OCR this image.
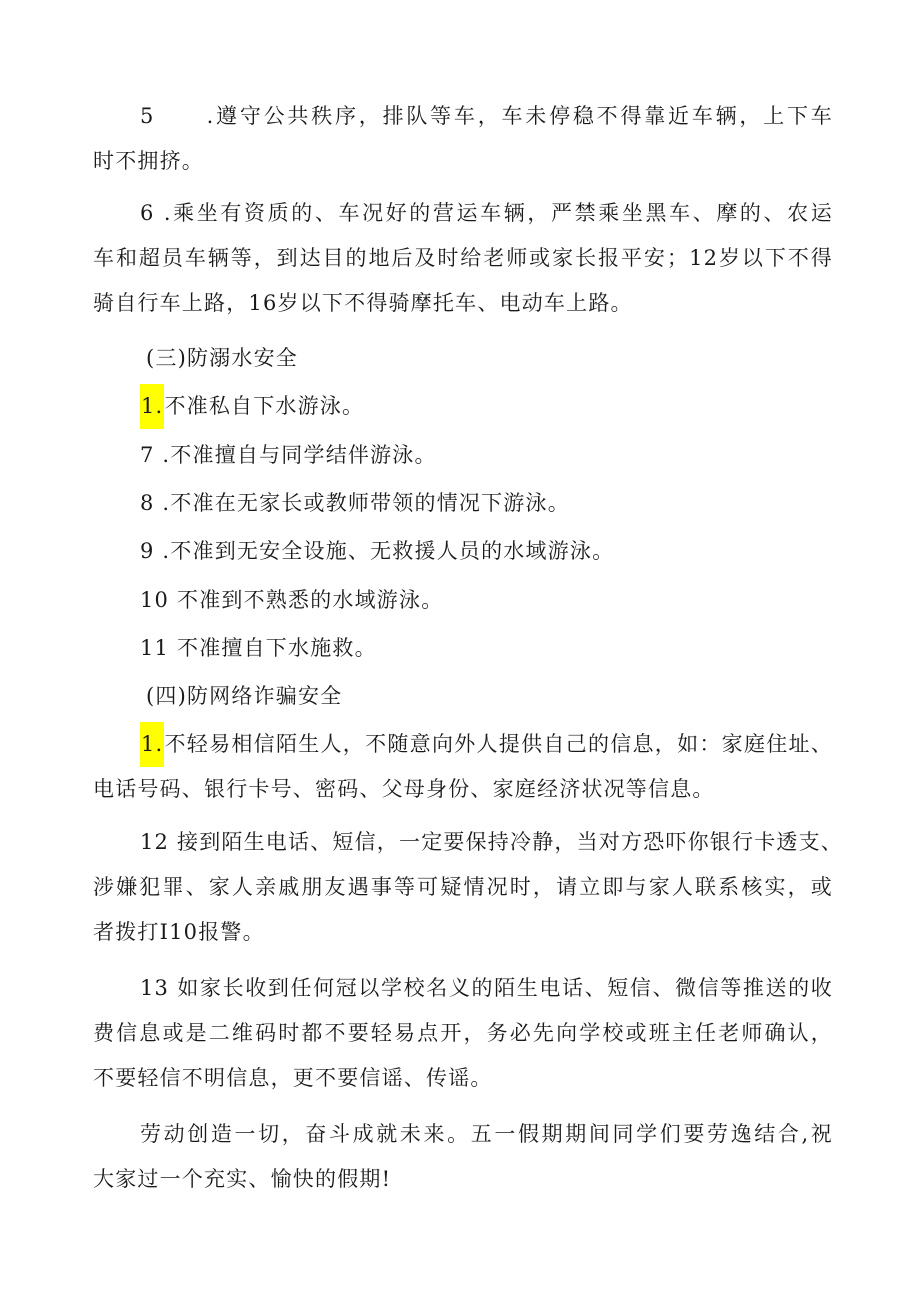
5 .遵守公共秩序，排队等车，车未停稳不得靠近车辆，上下车
时不拥挤。
6 .乘坐有资质的、车况好的营运车辆，严禁乘坐黑车、摩的、农运
车和超员车辆等，到达目的地后及时给老师或家长报平安；12岁以下不得
骑自行车上路，16岁以下不得骑摩托车、电动车上路。
(三)防溺水安全
1.不准私自下水游泳。
7 .不准擅自与同学结伴游泳。
8 .不准在无家长或教师带领的情况下游泳。
9 .不准到无安全设施、无救援人员的水域游泳。
10 不准到不熟悉的水域游泳。
11 不准擅自下水施救。
(四)防网络诈骗安全
1.不轻易相信陌生人，不随意向外人提供自己的信息，如：家庭住址、
电话号码、银行卡号、密码、父母身份、家庭经济状况等信息。
12 接到陌生电话、短信，一定要保持冷静，当对方恐吓你银行卡透支、
涉嫌犯罪、家人亲戚朋友遇事等可疑情况时，请立即与家人联系核实，或
者拨打I10报警。
13 如家长收到任何冠以学校名义的陌生电话、短信、微信等推送的收
费信息或是二维码时都不要轻易点开，务必先向学校或班主任老师确认，
不要轻信不明信息，更不要信谣、传谣。
劳动创造一切，奋斗成就未来。五一假期期间同学们要劳逸结合,祝
大家过一个充实、愉快的假期!
